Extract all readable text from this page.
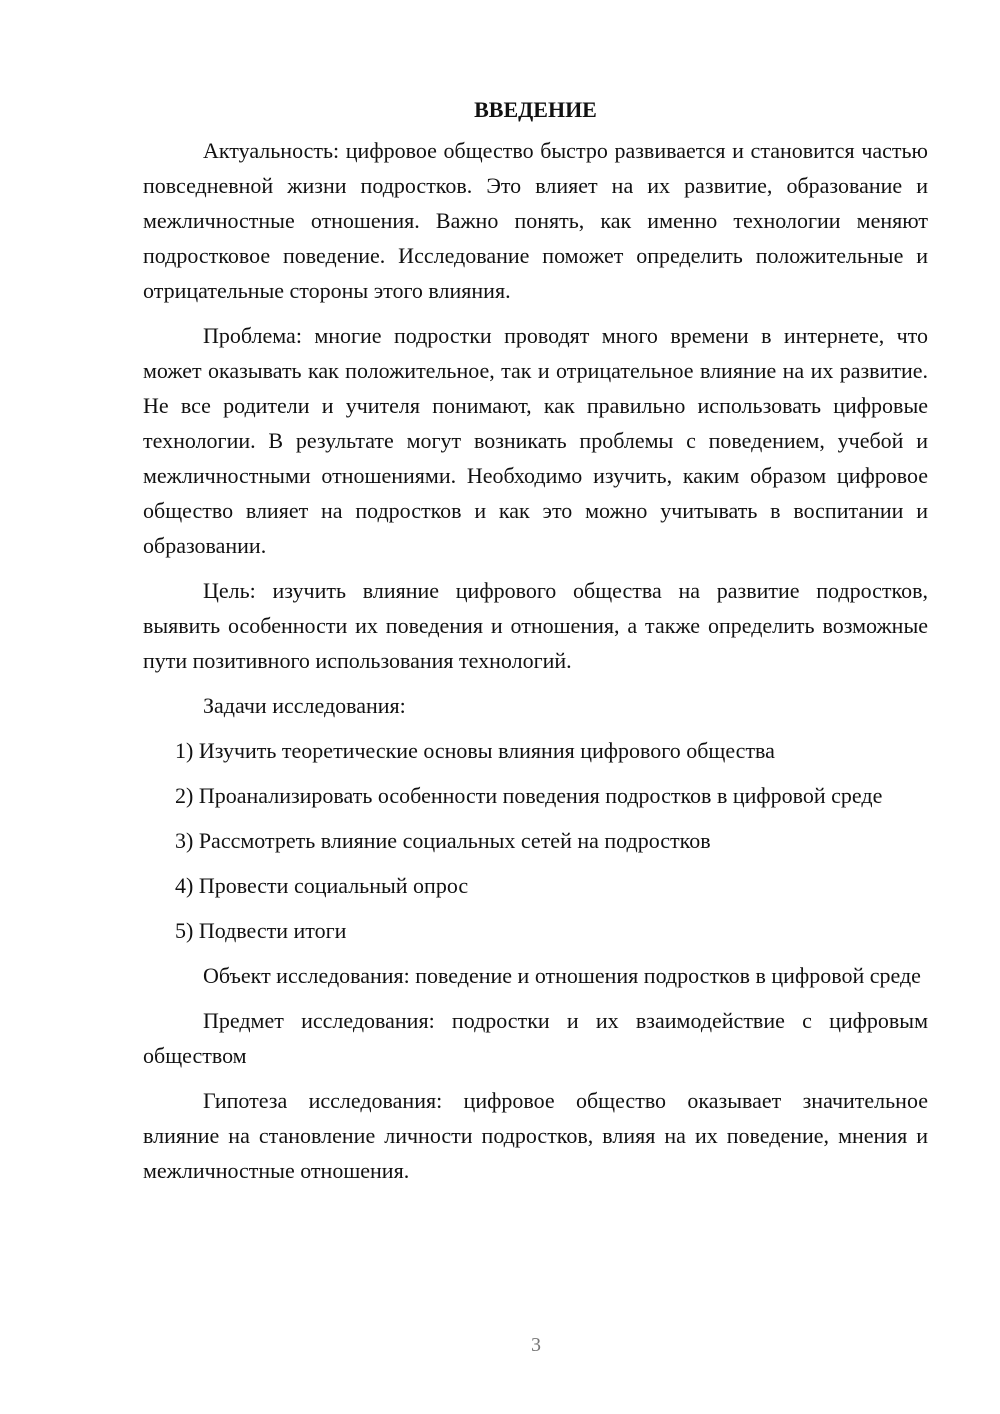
ВВЕДЕНИЕ

Актуальность: цифровое общество быстро развивается и становится частью повседневной жизни подростков. Это влияет на их развитие, образование и межличностные отношения. Важно понять, как именно технологии меняют подростковое поведение. Исследование поможет определить положительные и отрицательные стороны этого влияния.

Проблема: многие подростки проводят много времени в интернете, что может оказывать как положительное, так и отрицательное влияние на их развитие. Не все родители и учителя понимают, как правильно использовать цифровые технологии. В результате могут возникать проблемы с поведением, учебой и межличностными отношениями. Необходимо изучить, каким образом цифровое общество влияет на подростков и как это можно учитывать в воспитании и образовании.

Цель: изучить влияние цифрового общества на развитие подростков, выявить особенности их поведения и отношения, а также определить возможные пути позитивного использования технологий.

Задачи исследования:

1) Изучить теоретические основы влияния цифрового общества

2) Проанализировать особенности поведения подростков в цифровой среде

3) Рассмотреть влияние социальных сетей на подростков

4) Провести социальный опрос

5) Подвести итоги

Объект исследования: поведение и отношения подростков в цифровой среде

Предмет исследования: подростки и их взаимодействие с цифровым обществом

Гипотеза исследования: цифровое общество оказывает значительное влияние на становление личности подростков, влияя на их поведение, мнения и межличностные отношения.

3
